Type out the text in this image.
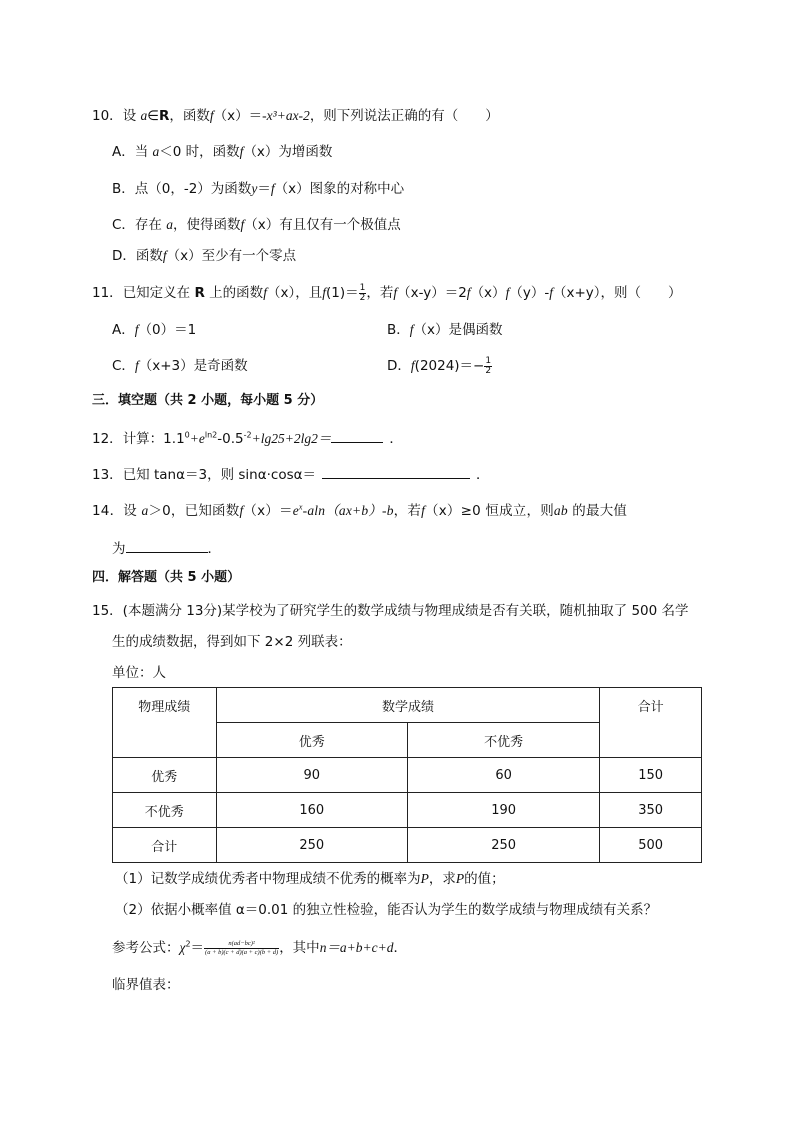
10．设 a∈R，函数f（x）＝-x³+ax-2，则下列说法正确的有（　　）
A．当 a＜0 时，函数f（x）为增函数
B．点（0，-2）为函数y＝f（x）图象的对称中心
C．存在 a，使得函数f（x）有且仅有一个极值点
D．函数f（x）至少有一个零点
11．已知定义在 R 上的函数f（x），且$f(1)= \frac{1}{2}$ ，若f（x-y）＝2f（x）f（y）-f（x+y），则（　　）
A．f（0）＝1	B．f（x）是偶函数
C．f（x+3）是奇函数	D．$f(2024)=- \frac{1}{2}$
三．填空题（共 2 小题，每小题 5 分）
12．计算：$1.1^0+e^{ln2}-0.5^{-2}+\lg 25+2\lg 2=$	．
13．已知 tanα＝3，则 sinα·cosα＝	．
14．设 a＞0，已知函数$f(x)=e^x-aln(ax+b)-b$，若f（x）≥0 恒成立，则ab 的最大值
为	．
四．解答题（共 5 小题）
15．(本题满分 13分)某学校为了研究学生的数学成绩与物理成绩是否有关联，随机抽取了 500 名学
生的成绩数据，得到如下 2×2 列联表：
单位：人
物理成绩	数学成绩		合计
	优秀	不优秀	
优秀	90	60	150
不优秀	160	190	350
合计	250	250	500
（1）记数学成绩优秀者中物理成绩不优秀的概率为P，求P的值；
（2）依据小概率值 α＝0.01 的独立性检验，能否认为学生的数学成绩与物理成绩有关系？
参考公式：$\chi^2= \frac{\text{n(ad−bc)²}}{(a + b)(c + d)(a + c)(b + d)}$ ，其中n＝a+b+c+d．
临界值表：
